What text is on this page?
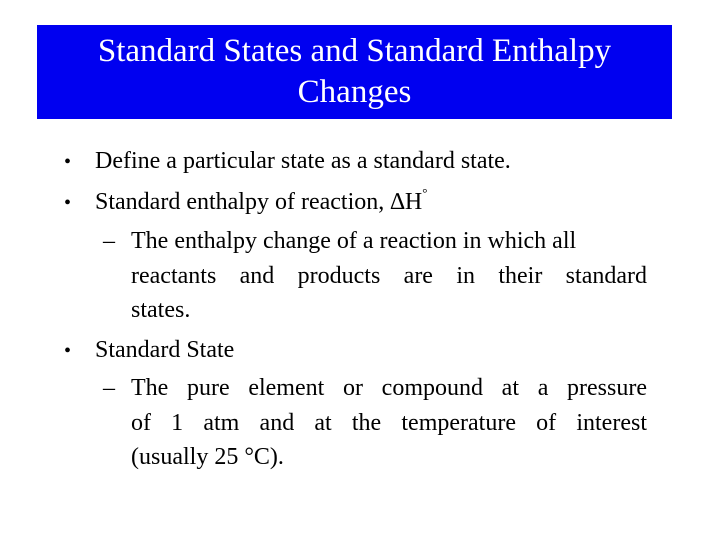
Standard States and Standard Enthalpy
Changes
• Define a particular state as a standard state.
• Standard enthalpy of reaction, ∆H°
– The enthalpy change of a reaction in which all
reactants and products are in their standard
states.
• Standard State
– The pure element or compound at a pressure
of 1 atm and at the temperature of interest
(usually 25 °C).
